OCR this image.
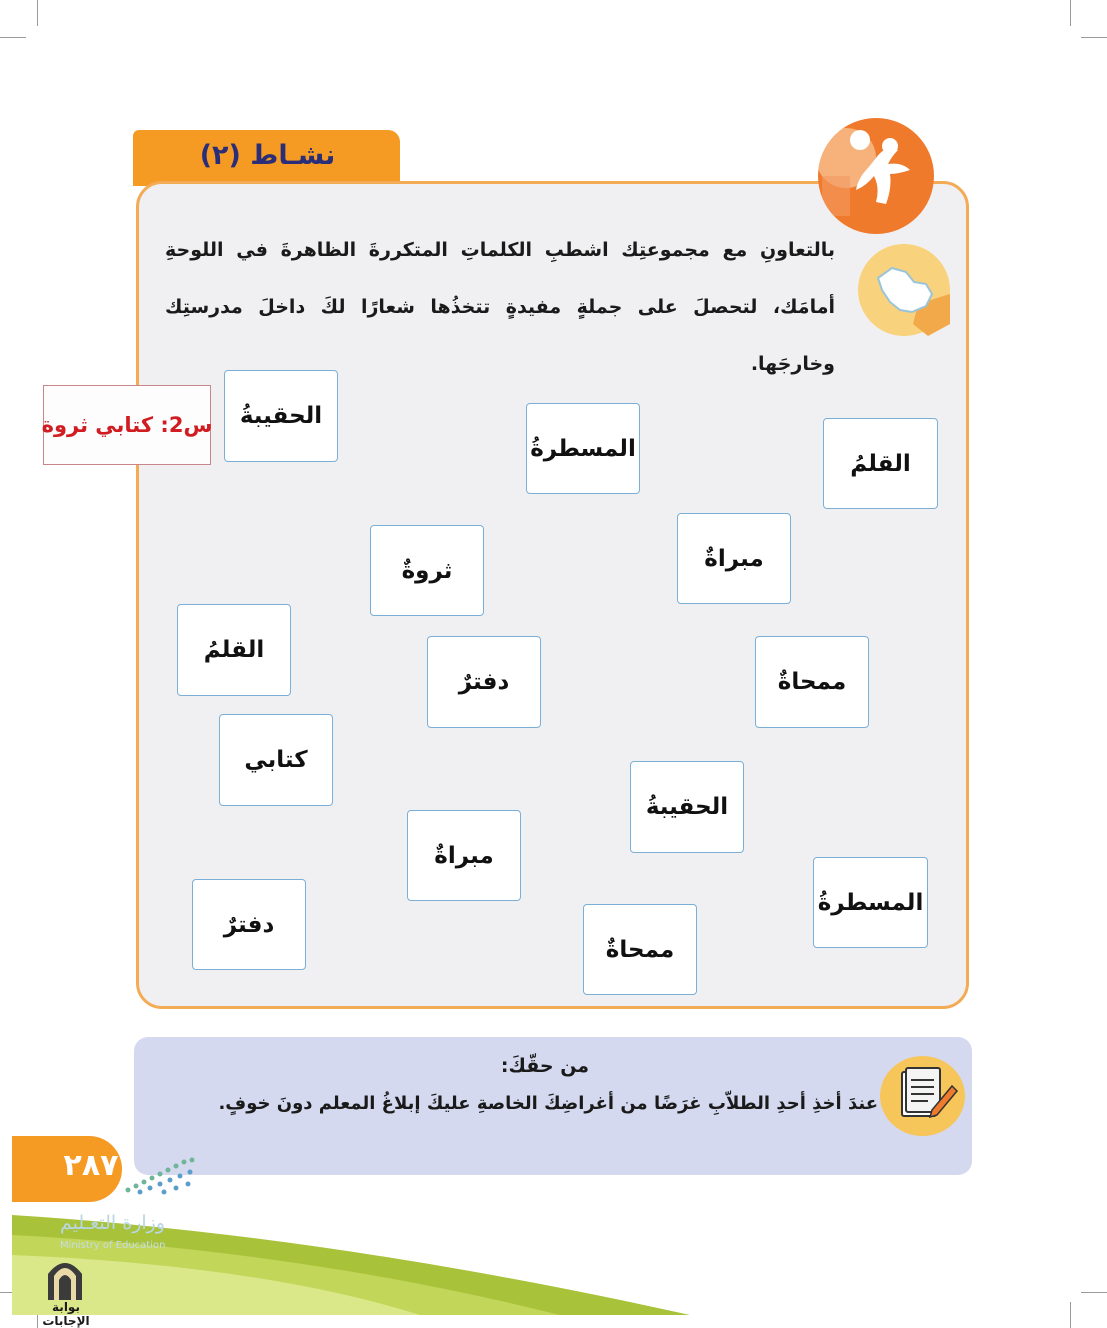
نشـاط (٢)
بالتعاونِ مع مجموعتِك اشطبِ الكلماتِ المتكررةَ الظاهرةَ في اللوحةِ أمامَك، لتحصلَ على جملةٍ مفيدةٍ تتخذُها شعارًا لكَ داخلَ مدرستِك وخارجَها.
س2: كتابي ثروة	الحقيبةُ
المسطرةُ
القلمُ
ثروةٌ	مبراةٌ
القلمُ
دفترٌ	ممحاةٌ
كتابي
الحقيبةُ
مبراةٌ
المسطرةُ
دفترٌ
ممحاةٌ
من حقّكَ:
عندَ أخذِ أحدِ الطلاّبِ غرَضًا من أغراضِكَ الخاصةِ عليكَ إبلاغُ المعلم دونَ خوفٍ.
٢٨٧
وزارة التعـليم
Ministry of Education
بوابة الإجابات
